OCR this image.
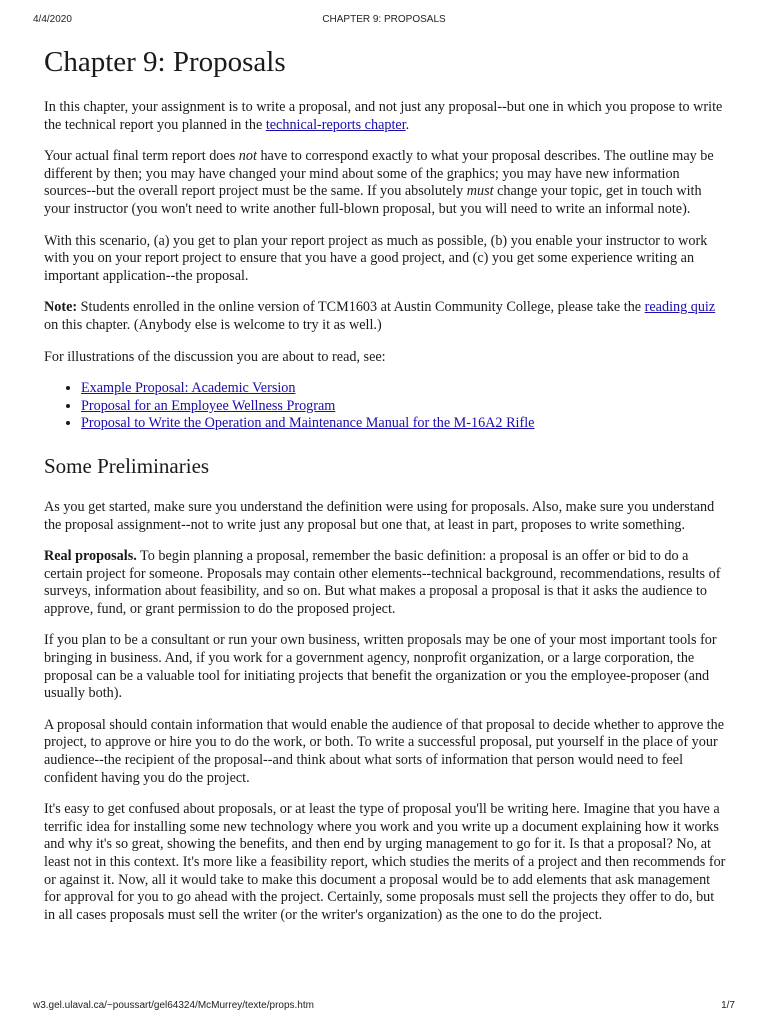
4/4/2020	CHAPTER 9: PROPOSALS
Chapter 9: Proposals

In this chapter, your assignment is to write a proposal, and not just any proposal--but one in which you propose to write the technical report you planned in the technical-reports chapter.

Your actual final term report does not have to correspond exactly to what your proposal describes. The outline may be different by then; you may have changed your mind about some of the graphics; you may have new information sources--but the overall report project must be the same. If you absolutely must change your topic, get in touch with your instructor (you won't need to write another full-blown proposal, but you will need to write an informal note).

With this scenario, (a) you get to plan your report project as much as possible, (b) you enable your instructor to work with you on your report project to ensure that you have a good project, and (c) you get some experience writing an important application--the proposal.

Note: Students enrolled in the online version of TCM1603 at Austin Community College, please take the reading quiz on this chapter. (Anybody else is welcome to try it as well.)

For illustrations of the discussion you are about to read, see:

• Example Proposal: Academic Version
• Proposal for an Employee Wellness Program
• Proposal to Write the Operation and Maintenance Manual for the M-16A2 Rifle
Some Preliminaries

As you get started, make sure you understand the definition were using for proposals. Also, make sure you understand the proposal assignment--not to write just any proposal but one that, at least in part, proposes to write something.

Real proposals. To begin planning a proposal, remember the basic definition: a proposal is an offer or bid to do a certain project for someone. Proposals may contain other elements--technical background, recommendations, results of surveys, information about feasibility, and so on. But what makes a proposal a proposal is that it asks the audience to approve, fund, or grant permission to do the proposed project.

If you plan to be a consultant or run your own business, written proposals may be one of your most important tools for bringing in business. And, if you work for a government agency, nonprofit organization, or a large corporation, the proposal can be a valuable tool for initiating projects that benefit the organization or you the employee-proposer (and usually both).

A proposal should contain information that would enable the audience of that proposal to decide whether to approve the project, to approve or hire you to do the work, or both. To write a successful proposal, put yourself in the place of your audience--the recipient of the proposal--and think about what sorts of information that person would need to feel confident having you do the project.

It's easy to get confused about proposals, or at least the type of proposal you'll be writing here. Imagine that you have a terrific idea for installing some new technology where you work and you write up a document explaining how it works and why it's so great, showing the benefits, and then end by urging management to go for it. Is that a proposal? No, at least not in this context. It's more like a feasibility report, which studies the merits of a project and then recommends for or against it. Now, all it would take to make this document a proposal would be to add elements that ask management for approval for you to go ahead with the project. Certainly, some proposals must sell the projects they offer to do, but in all cases proposals must sell the writer (or the writer's organization) as the one to do the project.

w3.gel.ulaval.ca/~poussart/gel64324/McMurrey/texte/props.htm	1/7
